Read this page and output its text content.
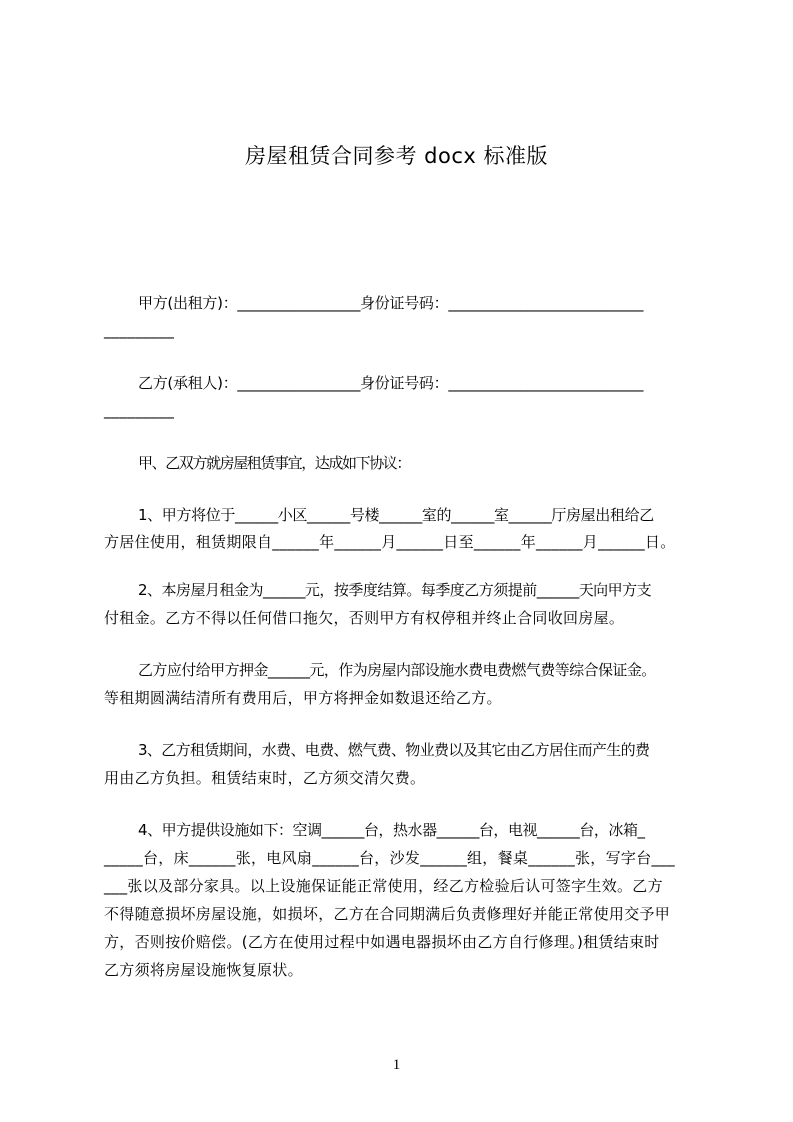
房屋租赁合同参考 docx 标准版
甲方(出租方)：_________________身份证号码：___________________________
_________
乙方(承租人)：_________________身份证号码：___________________________
_________
甲、乙双方就房屋租赁事宜，达成如下协议：
1、甲方将位于______小区______号楼______室的______室______厅房屋出租给乙
方居住使用，租赁期限自______年______月______日至______年______月______日。
2、本房屋月租金为______元，按季度结算。每季度乙方须提前______天向甲方支
付租金。乙方不得以任何借口拖欠，否则甲方有权停租并终止合同收回房屋。
乙方应付给甲方押金______元，作为房屋内部设施水费电费燃气费等综合保证金。
等租期圆满结清所有费用后，甲方将押金如数退还给乙方。
3、乙方租赁期间，水费、电费、燃气费、物业费以及其它由乙方居住而产生的费
用由乙方负担。租赁结束时，乙方须交清欠费。
4、甲方提供设施如下：空调______台，热水器______台，电视______台，冰箱_
_____台，床______张，电风扇______台，沙发______组，餐桌______张，写字台___
___张以及部分家具。以上设施保证能正常使用，经乙方检验后认可签字生效。乙方
不得随意损坏房屋设施，如损坏，乙方在合同期满后负责修理好并能正常使用交予甲
方，否则按价赔偿。(乙方在使用过程中如遇电器损坏由乙方自行修理。)租赁结束时
乙方须将房屋设施恢复原状。
1
